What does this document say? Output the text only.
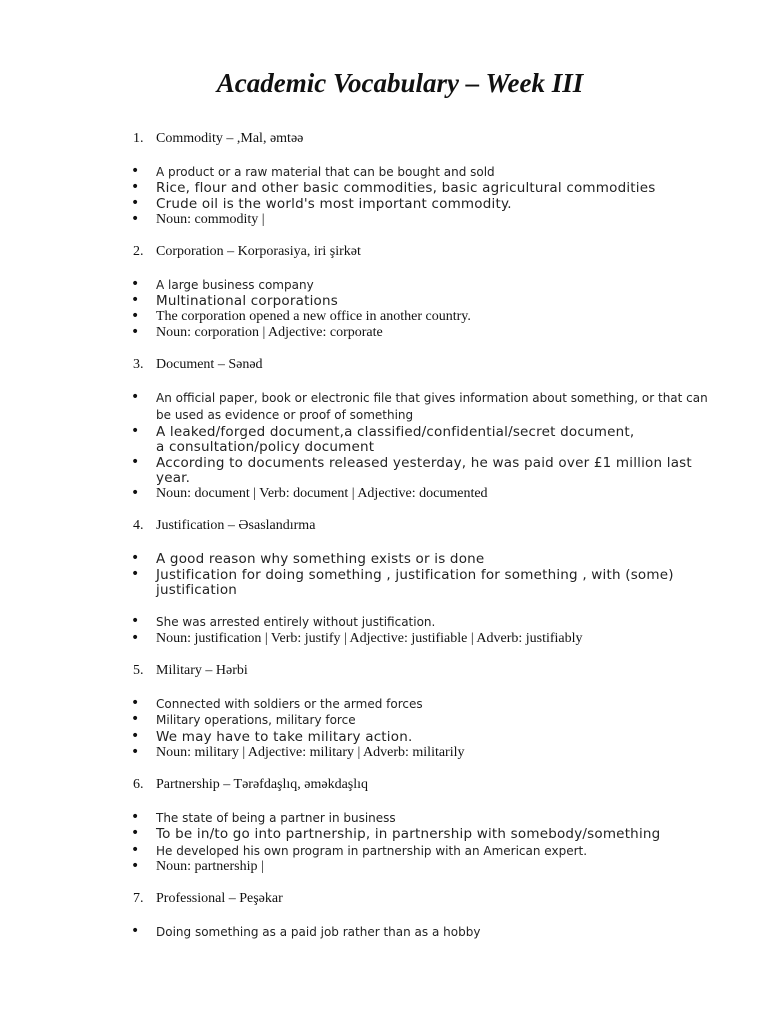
Academic Vocabulary – Week III
1. Commodity – ,Mal, əmtəə
• A product or a raw material that can be bought and sold
• Rice, flour and other basic commodities, basic agricultural commodities
• Crude oil is the world's most important commodity.
• Noun: commodity |
2. Corporation – Korporasiya, iri şirkət
• A large business company
• Multinational corporations
• The corporation opened a new office in another country.
• Noun: corporation | Adjective: corporate
3. Document – Sənəd
• An official paper, book or electronic file that gives information about something, or that can
be used as evidence or proof of something
• A leaked/forged document,a classified/confidential/secret document,
a consultation/policy document
• According to documents released yesterday, he was paid over £1 million last
year.
• Noun: document | Verb: document | Adjective: documented
4. Justification – Əsaslandırma
• A good reason why something exists or is done
• Justification for doing something , justification for something , with (some)
justification
• She was arrested entirely without justification.
• Noun: justification | Verb: justify | Adjective: justifiable | Adverb: justifiably
5. Military – Hərbi
• Connected with soldiers or the armed forces
• Military operations, military force
• We may have to take military action.
• Noun: military | Adjective: military | Adverb: militarily
6. Partnership – Tərəfdaşlıq, əməkdaşlıq
• The state of being a partner in business
• To be in/to go into partnership, in partnership with somebody/something
• He developed his own program in partnership with an American expert.
• Noun: partnership |
7. Professional – Peşəkar
• Doing something as a paid job rather than as a hobby
